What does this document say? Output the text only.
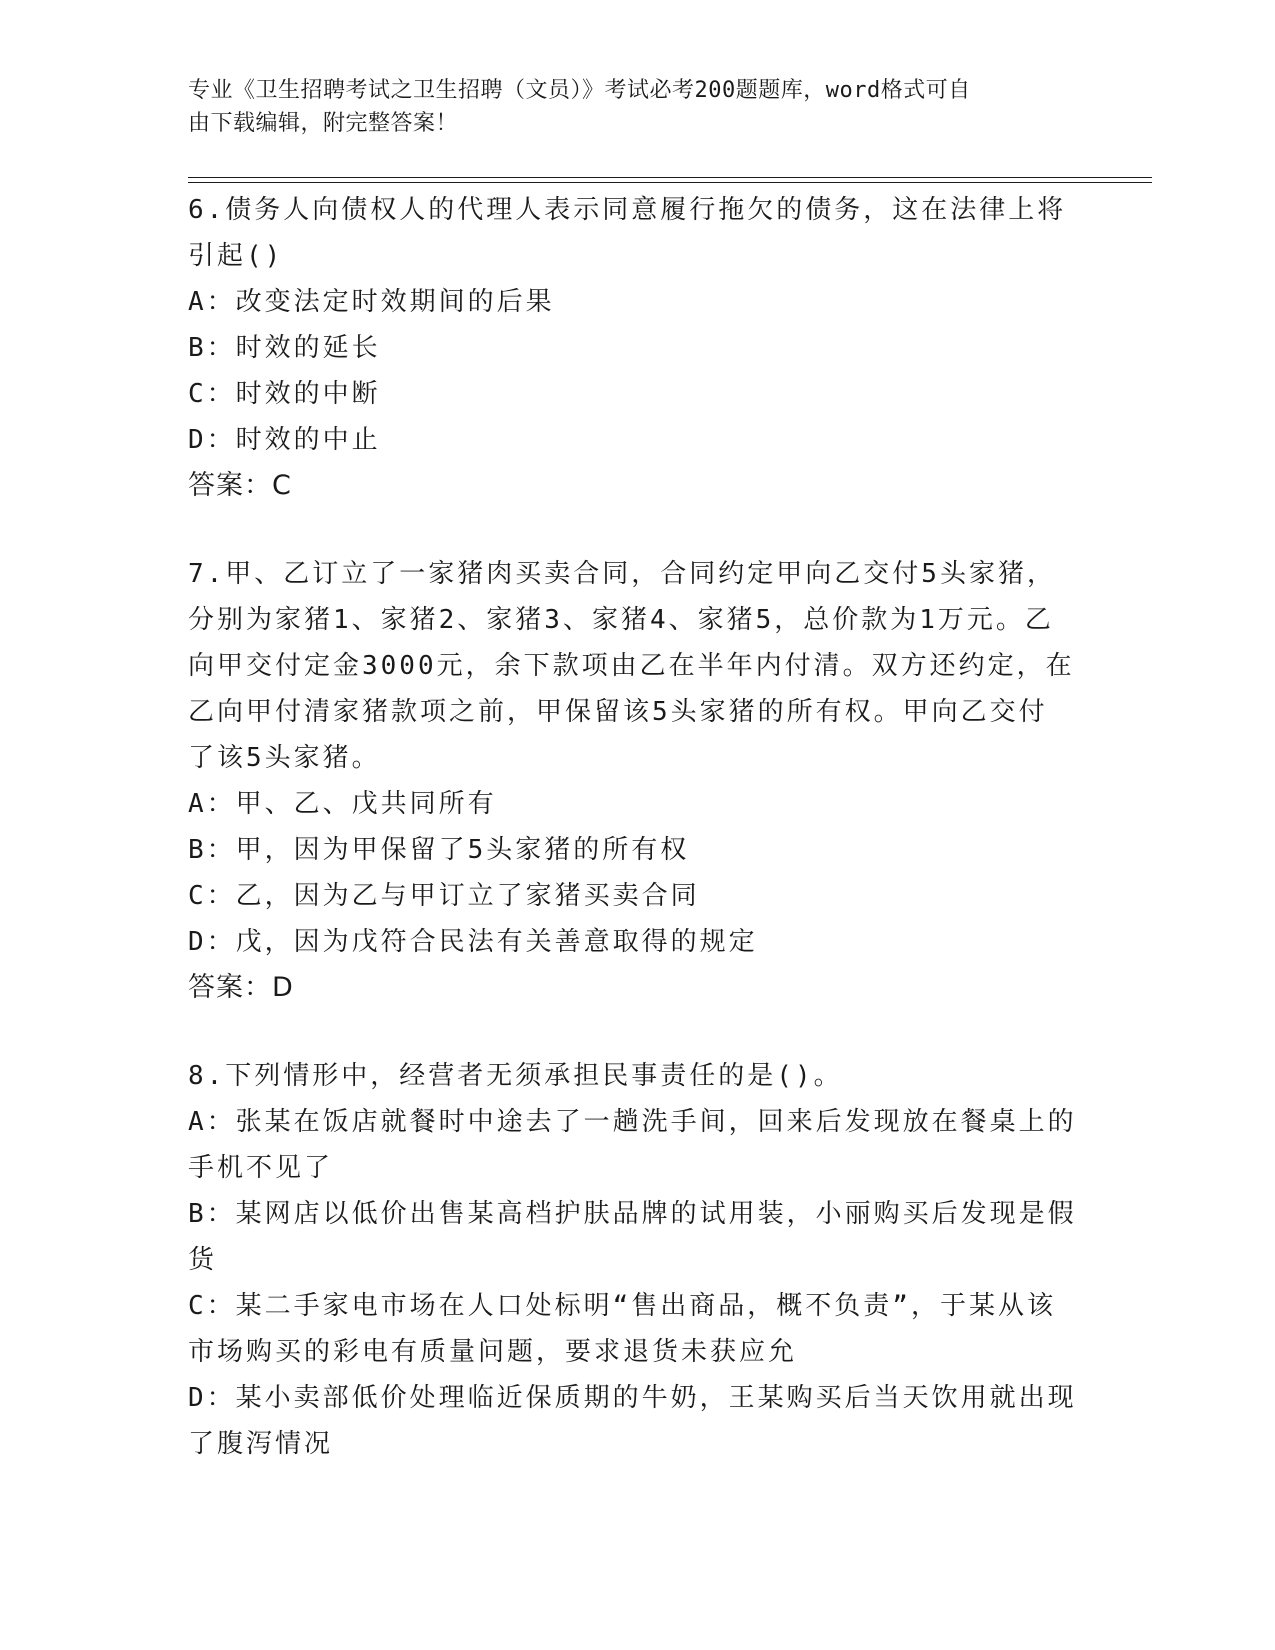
专业《卫生招聘考试之卫生招聘（文员）》考试必考200题题库，word格式可自
由下载编辑，附完整答案！
6.债务人向债权人的代理人表示同意履行拖欠的债务，这在法律上将
引起()
A：改变法定时效期间的后果
B：时效的延长
C：时效的中断
D：时效的中止
答案：C
7.甲、乙订立了一家猪肉买卖合同，合同约定甲向乙交付5头家猪，
分别为家猪1、家猪2、家猪3、家猪4、家猪5，总价款为1万元。乙
向甲交付定金3000元，余下款项由乙在半年内付清。双方还约定，在
乙向甲付清家猪款项之前，甲保留该5头家猪的所有权。甲向乙交付
了该5头家猪。
A：甲、乙、戊共同所有
B：甲，因为甲保留了5头家猪的所有权
C：乙，因为乙与甲订立了家猪买卖合同
D：戊，因为戊符合民法有关善意取得的规定
答案：D
8.下列情形中，经营者无须承担民事责任的是()。
A：张某在饭店就餐时中途去了一趟洗手间，回来后发现放在餐桌上的
手机不见了
B：某网店以低价出售某高档护肤品牌的试用装，小丽购买后发现是假
货
C：某二手家电市场在人口处标明“售出商品，概不负责”，于某从该
市场购买的彩电有质量问题，要求退货未获应允
D：某小卖部低价处理临近保质期的牛奶，王某购买后当天饮用就出现
了腹泻情况
